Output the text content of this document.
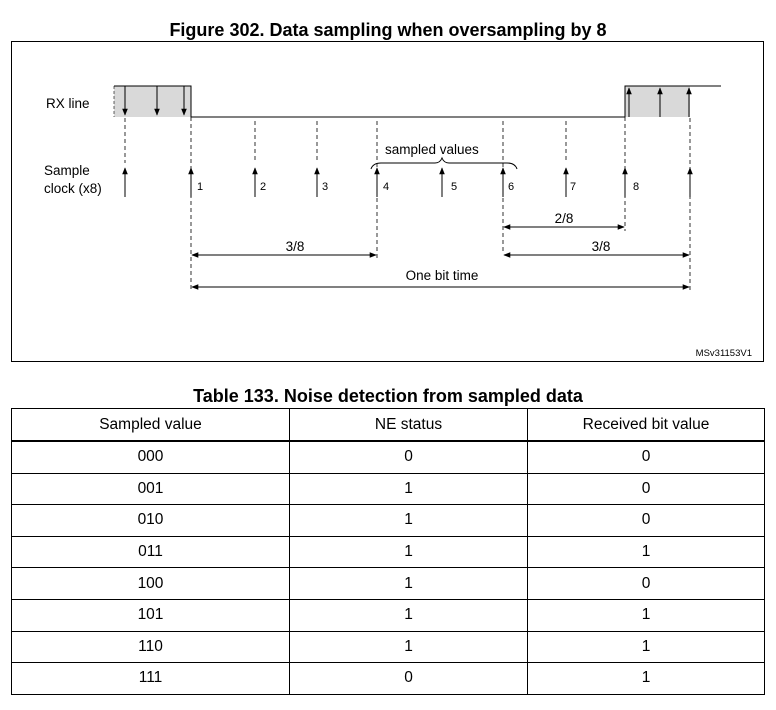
Figure 302. Data sampling when oversampling by 8
RX line
Sample
clock (x8)
sampled values
1	2	3	4	5	6	7	8
2/8
3/8	3/8
One bit time
MSv31153V1
Table 133. Noise detection from sampled data
Sampled value	NE status	Received bit value
000	0	0
001	1	0
010	1	0
011	1	1
100	1	0
101	1	1
110	1	1
111	0	1
